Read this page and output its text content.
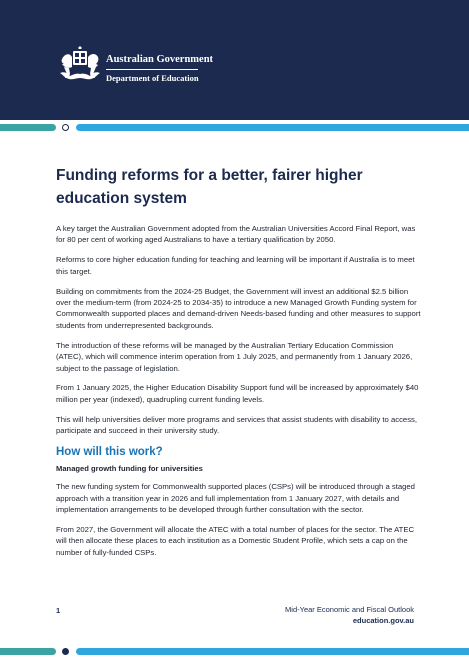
Australian Government
Department of Education
Funding reforms for a better, fairer higher education system

A key target the Australian Government adopted from the Australian Universities Accord Final Report, was for 80 per cent of working aged Australians to have a tertiary qualification by 2050.

Reforms to core higher education funding for teaching and learning will be important if Australia is to meet this target.

Building on commitments from the 2024-25 Budget, the Government will invest an additional $2.5 billion over the medium-term (from 2024-25 to 2034-35) to introduce a new Managed Growth Funding system for Commonwealth supported places and demand-driven Needs-based funding and other measures to support students from underrepresented backgrounds.

The introduction of these reforms will be managed by the Australian Tertiary Education Commission (ATEC), which will commence interim operation from 1 July 2025, and permanently from 1 January 2026, subject to the passage of legislation.

From 1 January 2025, the Higher Education Disability Support fund will be increased by approximately $40 million per year (indexed), quadrupling current funding levels.

This will help universities deliver more programs and services that assist students with disability to access, participate and succeed in their university study.

How will this work?
Managed growth funding for universities

The new funding system for Commonwealth supported places (CSPs) will be introduced through a staged approach with a transition year in 2026 and full implementation from 1 January 2027, with details and implementation arrangements to be developed through further consultation with the sector.

From 2027, the Government will allocate the ATEC with a total number of places for the sector. The ATEC will then allocate these places to each institution as a Domestic Student Profile, which sets a cap on the number of fully-funded CSPs.

1	Mid-Year Economic and Fiscal Outlook
education.gov.au
